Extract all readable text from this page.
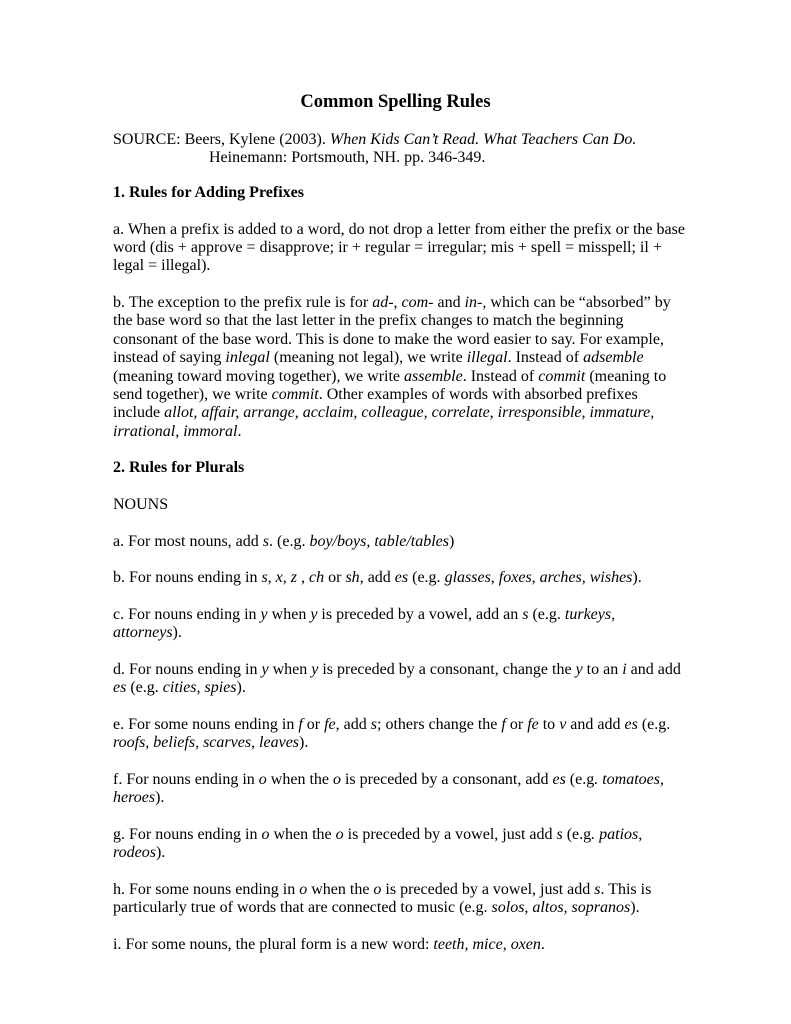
Common Spelling Rules
SOURCE: Beers, Kylene (2003). When Kids Can’t Read. What Teachers Can Do.
Heinemann: Portsmouth, NH. pp. 346-349.
1. Rules for Adding Prefixes

a. When a prefix is added to a word, do not drop a letter from either the prefix or the base word (dis + approve = disapprove; ir + regular = irregular; mis + spell = misspell; il + legal = illegal).

b. The exception to the prefix rule is for ad-, com- and in-, which can be “absorbed” by the base word so that the last letter in the prefix changes to match the beginning consonant of the base word. This is done to make the word easier to say. For example, instead of saying inlegal (meaning not legal), we write illegal. Instead of adsemble (meaning toward moving together), we write assemble. Instead of commit (meaning to send together), we write commit. Other examples of words with absorbed prefixes include allot, affair, arrange, acclaim, colleague, correlate, irresponsible, immature, irrational, immoral.

2. Rules for Plurals

NOUNS

a. For most nouns, add s. (e.g. boy/boys, table/tables)

b. For nouns ending in s, x, z , ch or sh, add es (e.g. glasses, foxes, arches, wishes).

c. For nouns ending in y when y is preceded by a vowel, add an s (e.g. turkeys, attorneys).

d. For nouns ending in y when y is preceded by a consonant, change the y to an i and add es (e.g. cities, spies).

e. For some nouns ending in f or fe, add s; others change the f or fe to v and add es (e.g. roofs, beliefs, scarves, leaves).

f. For nouns ending in o when the o is preceded by a consonant, add es (e.g. tomatoes, heroes).

g. For nouns ending in o when the o is preceded by a vowel, just add s (e.g. patios, rodeos).

h. For some nouns ending in o when the o is preceded by a vowel, just add s. This is particularly true of words that are connected to music (e.g. solos, altos, sopranos).

i. For some nouns, the plural form is a new word: teeth, mice, oxen.
